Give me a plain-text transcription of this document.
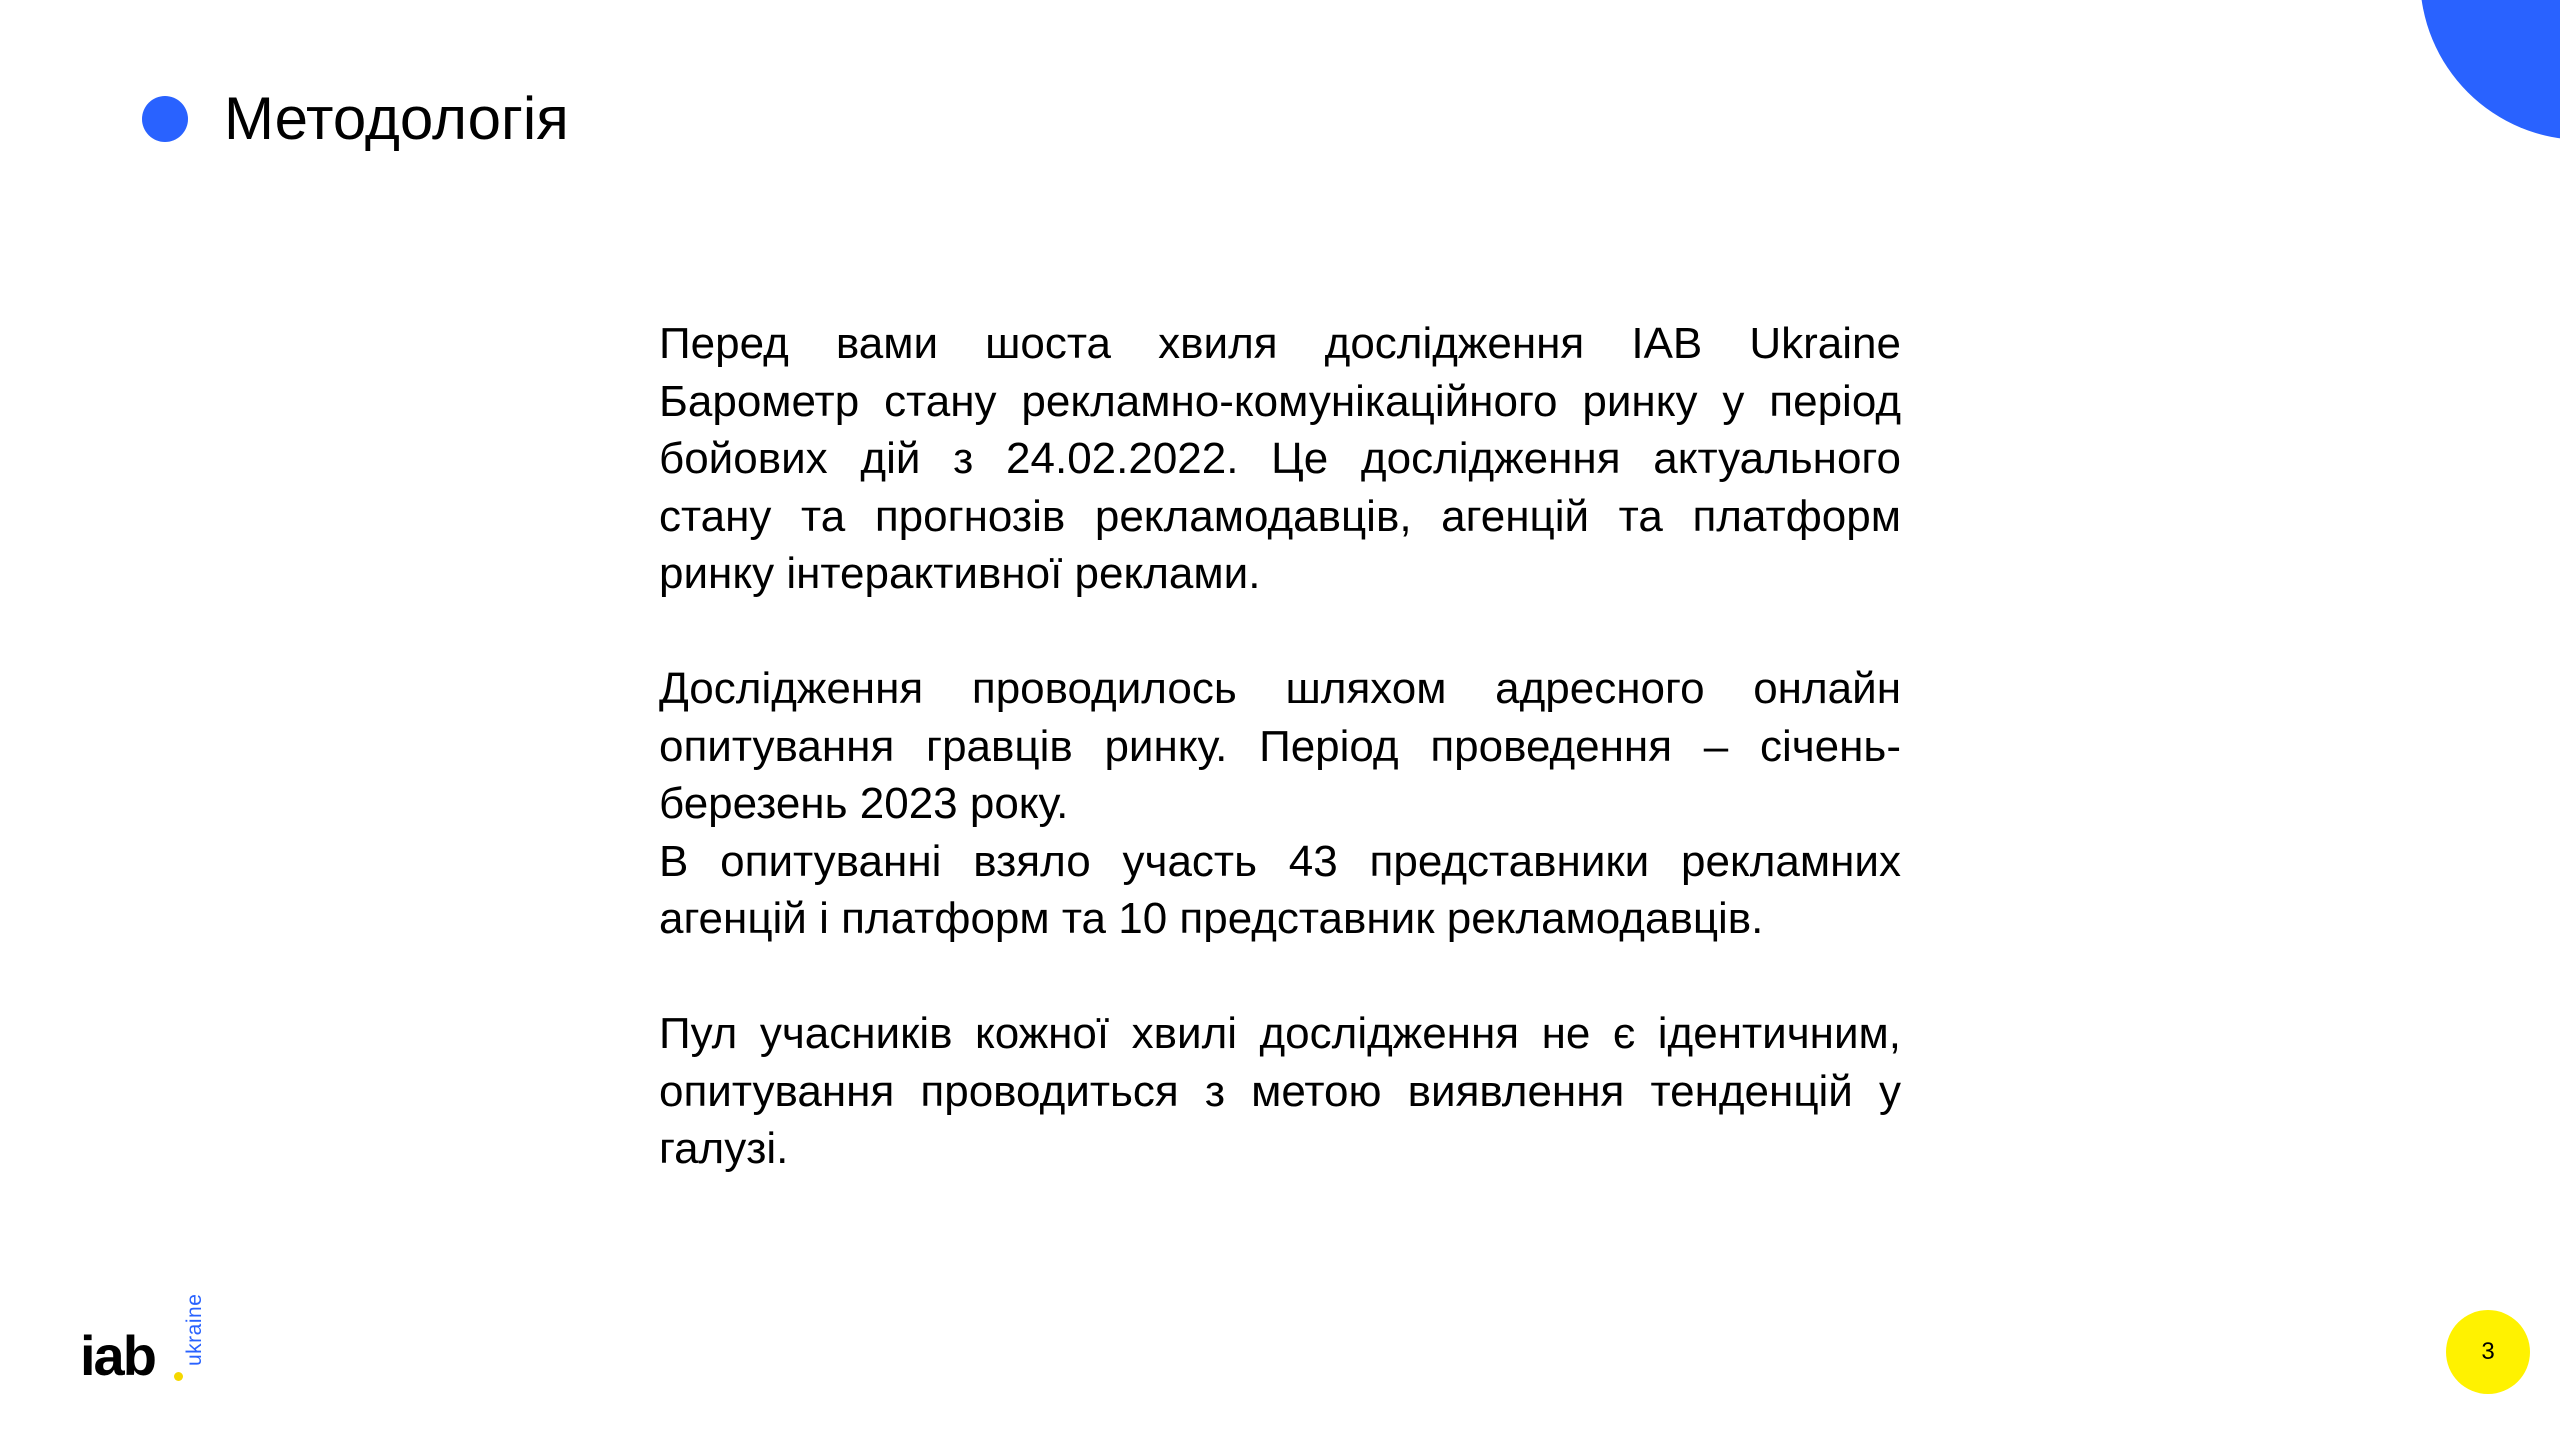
Методологія

Перед вами шоста хвиля дослідження IAB Ukraine Барометр стану рекламно-комунікаційного ринку у період бойових дій з 24.02.2022. Це дослідження актуального стану та прогнозів рекламодавців, агенцій та платформ ринку інтерактивної реклами.

Дослідження проводилось шляхом адресного онлайн опитування гравців ринку. Період проведення – січень-березень 2023 року.

В опитуванні взяло участь 43 представники рекламних агенцій і платформ та 10 представник рекламодавців.

Пул учасників кожної хвилі дослідження не є ідентичним, опитування проводиться з метою виявлення тенденцій у галузі.

iab ukraine	3
